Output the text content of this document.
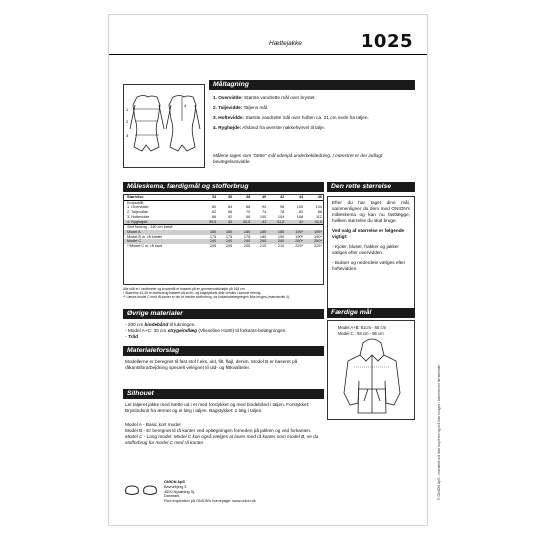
Hættejakke	1025
Måltagning
1
2
3
4
1. Overvidde: Største vandrette mål over brystet.
2. Taljevidde: Taljens mål.
3. Hoftevidde: Største vandrette mål over hoften ca. 21 cm nede fra taljen.
4. Ryghøjde: Afstand fra øverste nakkehvirvel til talje.
Målene tages som "tætte" mål udenpå underbeklædning. I mønstret er der indlagt bevægelsesvidde.
Måleskema, færdigmål og stofforbrug
Størrelse	34	36	38	40	42	44	46
Kropsmål:							
1. Overvidde	80	84	88	92	96	100	104
2. Taljevidde	62	66	70	74	78	82	86
3. Hoftevidde	88	92	96	100	104	108	112
4. Ryghøjde	39,5	40	40,5	41	41,5	42	42,5
Stof forbrug - 140 cm bredt							
Model A	180	180	180	185	185	195*	195*
Model B m. rå kanter	175	175	175	180	190	190*	190*
Model C	240	240	240	240	240	250*	250*
**Model C m. rå kant	205	205	205	210	210	225*	225*
Alle mål er i centimeter og kropsmål er baseret på en gennemsnitshøjde på 168 cm.
* Størrelse 44-46 er stofforbrug baseret på at for- og bagstykkets dele vendes i samme retning.
** Læses model C med rå kanter er der et mindre stofforbrug, da forkantsbelægningen ikke bruges (mønsterdel 4).
Den rette størrelse
Efter du har taget dine mål, sammenligner du dem med ONION's måleskema og kan nu fastlægge, hvilken størrelse du skal bruge.
Ved valg af størrelse er følgende vigtigt:
- Kjoler, bluser, frakker og jakker vælges efter overvidden.
- Bukser og nederdele vælges efter hoftevidden.
Færdige mål
Model A+B: 81cm - 65 cm
Model C : 93 cm - 96 cm
Øvrige materialer
- 200 cm bindebånd til lukningen.
- Model A+C: 30 cm strygeindlæg (Vlieseline H180) til forkants-belægningen.
- Tråd
Materialeforslag
Modellerne er beregnet til fast stof f.eks. uld, filt, fløjl, denim. Model B er baseret på råkantsforarbejdning specielt velegnet til uld- og filtkvaliteter.
Silhouet
Let taljeret jakke med hætte ud i et med forstykket og med bindebånd i taljen. Forstykket: Brystindsnit fra ærmet og et læg i taljen. Bagstykket: 2 læg i taljen.
Model A - Basic kort model
Model B - Er beregnet til rå kanter ved oplægningen forneden på jakken og ved forkanten.
Model C - Lang model. Model C kan også vælges at laves med rå kanter som model B, se da stofforbrug for model C med rå kanter.
ONION ApS
Bavnebjerg 3
4500 Nykøbing Sj.
Danmark
Find inspiration på ONION's homepage: www.onion.dk
© ONION ApS - mønstret må ikke kopieres og må ikke bruges i kommerciel henseende.
